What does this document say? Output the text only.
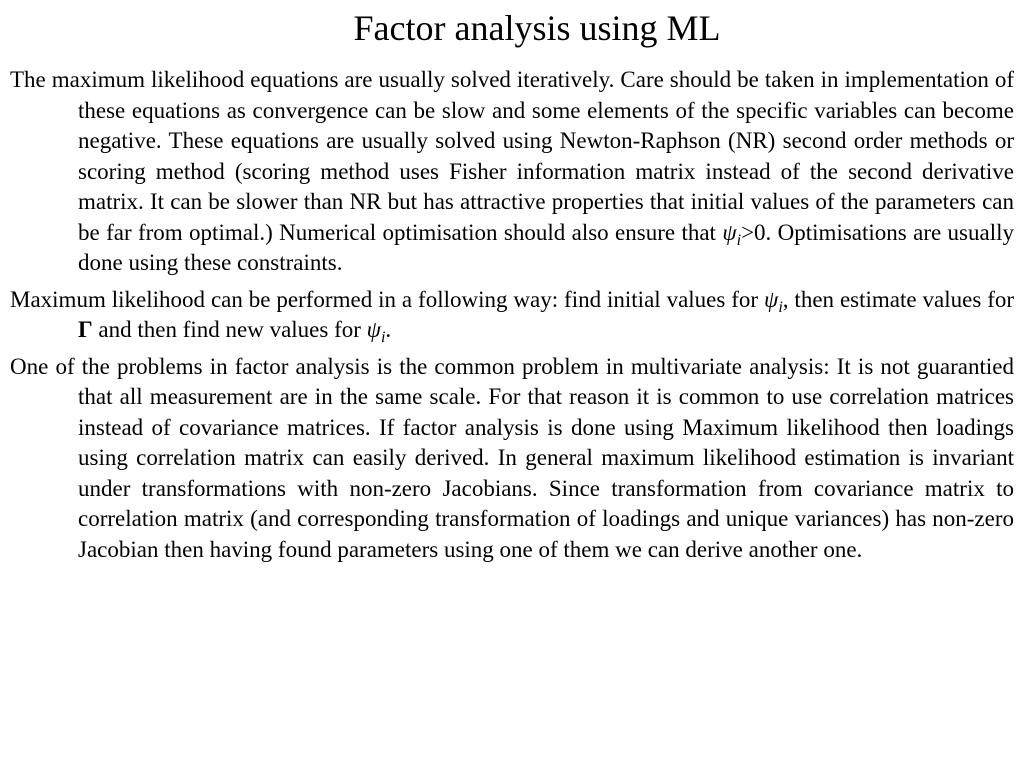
Factor analysis using ML

The maximum likelihood equations are usually solved iteratively. Care should be taken in implementation of these equations as convergence can be slow and some elements of the specific variables can become negative. These equations are usually solved using Newton-Raphson (NR) second order methods or scoring method (scoring method uses Fisher information matrix instead of the second derivative matrix. It can be slower than NR but has attractive properties that initial values of the parameters can be far from optimal.) Numerical optimisation should also ensure that $\psi_i>0$. Optimisations are usually done using these constraints.

Maximum likelihood can be performed in a following way: find initial values for $\psi_i$, then estimate values for Γ and then find new values for $\psi_i$.

One of the problems in factor analysis is the common problem in multivariate analysis: It is not guarantied that all measurement are in the same scale. For that reason it is common to use correlation matrices instead of covariance matrices. If factor analysis is done using Maximum likelihood then loadings using correlation matrix can easily derived. In general maximum likelihood estimation is invariant under transformations with non-zero Jacobians. Since transformation from covariance matrix to correlation matrix (and corresponding transformation of loadings and unique variances) has non-zero Jacobian then having found parameters using one of them we can derive another one.
